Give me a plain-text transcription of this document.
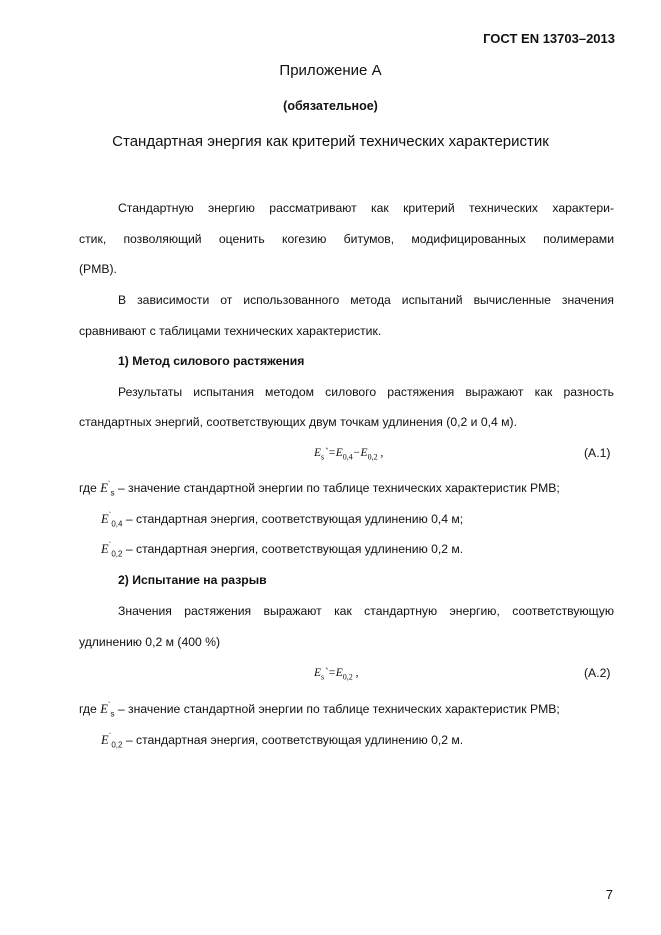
ГОСТ EN 13703–2013
Приложение А
(обязательное)
Стандартная энергия как критерий технических характеристик
Стандартную энергию рассматривают как критерий технических характери-
стик, позволяющий оценить когезию битумов, модифицированных полимерами
(PMB).
В зависимости от использованного метода испытаний вычисленные значения
сравнивают с таблицами технических характеристик.
1) Метод силового растяжения
Результаты испытания методом силового растяжения выражают как разность
стандартных энергий, соответствующих двум точкам удлинения (0,2 и 0,4 м).
$E_s`=E_{0,4}-E_{0,2}$ ,	(А.1)
где $E^`_s$ – значение стандартной энергии по таблице технических характеристик PMB;
$E^`_{0,4}$ – стандартная энергия, соответствующая удлинению 0,4 м;
$E^`_{0,2}$ – стандартная энергия, соответствующая удлинению 0,2 м.
2) Испытание на разрыв
Значения растяжения выражают как стандартную энергию, соответствующую
удлинению 0,2 м (400 %)
$E_s`=E_{0,2}$ ,	(А.2)
где $E^`_s$ – значение стандартной энергии по таблице технических характеристик PMB;
$E^`_{0,2}$ – стандартная энергия, соответствующая удлинению 0,2 м.
7
